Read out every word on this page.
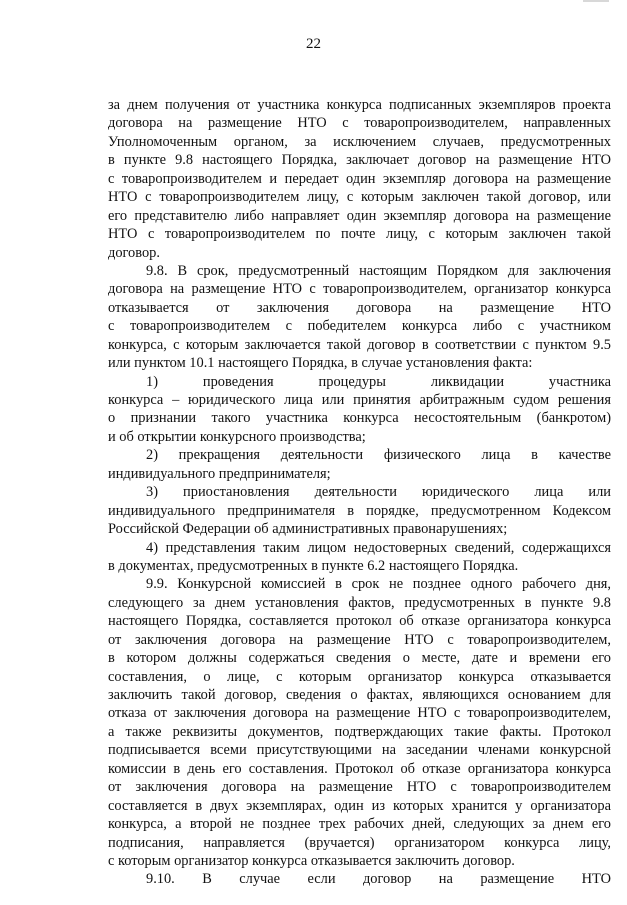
22
за днем получения от участника конкурса подписанных экземпляров проекта
договора на размещение НТО с товаропроизводителем, направленных
Уполномоченным органом, за исключением случаев, предусмотренных
в пункте 9.8 настоящего Порядка, заключает договор на размещение НТО
с товаропроизводителем и передает один экземпляр договора на размещение
НТО с товаропроизводителем лицу, с которым заключен такой договор, или
его представителю либо направляет один экземпляр договора на размещение
НТО с товаропроизводителем по почте лицу, с которым заключен такой
договор.
9.8. В срок, предусмотренный настоящим Порядком для заключения
договора на размещение НТО с товаропроизводителем, организатор конкурса
отказывается от заключения договора на размещение НТО
с товаропроизводителем с победителем конкурса либо с участником
конкурса, с которым заключается такой договор в соответствии с пунктом 9.5
или пунктом 10.1 настоящего Порядка, в случае установления факта:
1) проведения процедуры ликвидации участника
конкурса – юридического лица или принятия арбитражным судом решения
о признании такого участника конкурса несостоятельным (банкротом)
и об открытии конкурсного производства;
2) прекращения деятельности физического лица в качестве
индивидуального предпринимателя;
3) приостановления деятельности юридического лица или
индивидуального предпринимателя в порядке, предусмотренном Кодексом
Российской Федерации об административных правонарушениях;
4) представления таким лицом недостоверных сведений, содержащихся
в документах, предусмотренных в пункте 6.2 настоящего Порядка.
9.9. Конкурсной комиссией в срок не позднее одного рабочего дня,
следующего за днем установления фактов, предусмотренных в пункте 9.8
настоящего Порядка, составляется протокол об отказе организатора конкурса
от заключения договора на размещение НТО с товаропроизводителем,
в котором должны содержаться сведения о месте, дате и времени его
составления, о лице, с которым организатор конкурса отказывается
заключить такой договор, сведения о фактах, являющихся основанием для
отказа от заключения договора на размещение НТО с товаропроизводителем,
а также реквизиты документов, подтверждающих такие факты. Протокол
подписывается всеми присутствующими на заседании членами конкурсной
комиссии в день его составления. Протокол об отказе организатора конкурса
от заключения договора на размещение НТО с товаропроизводителем
составляется в двух экземплярах, один из которых хранится у организатора
конкурса, а второй не позднее трех рабочих дней, следующих за днем его
подписания, направляется (вручается) организатором конкурса лицу,
с которым организатор конкурса отказывается заключить договор.
9.10. В случае если договор на размещение НТО
